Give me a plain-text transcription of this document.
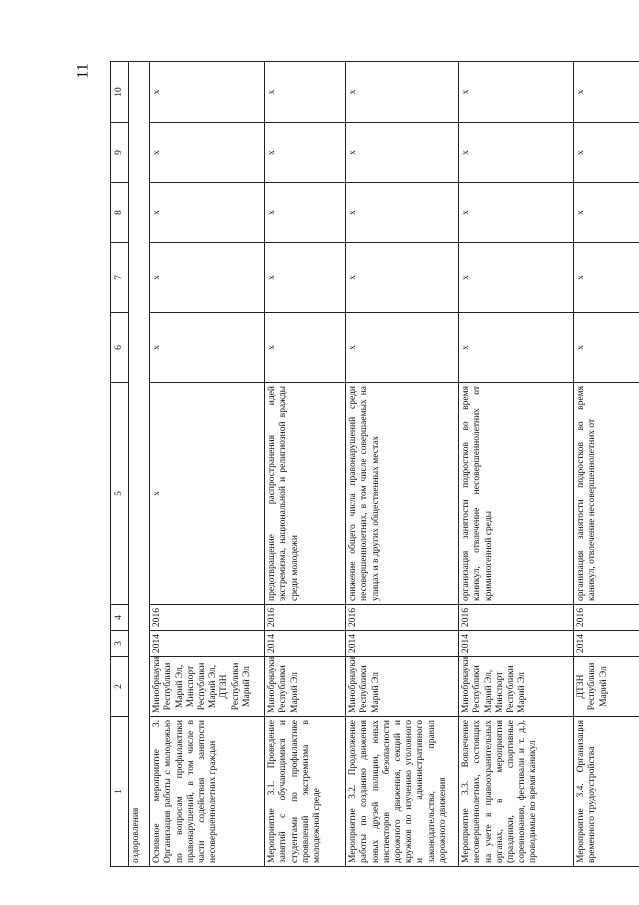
11
1	2	3	4	5	6	7	8	9	10
оздоровления									
Основное мероприятие 3. Организация работы с молодежью по вопросам профилактики правонарушений, в том числе в части содействия занятости несовершеннолетних граждан	Минобрнауки Республики Марий Эл, Минспорт Республики Марий Эл, ДТЗН Республики Марий Эл	2014	2016	х	х	х	х	х	х
Мероприятие 3.1. Проведение занятий с обучающимися и студентами по профилактике проявлений экстремизма в молодежной среде	Минобрнауки Республики Марий Эл	2014	2016	предотвращение распространения идей экстремизма, национальной и религиозной вражды среди молодежи	х	х	х	х	х
Мероприятие 3.2. Продолжение работы по созданию движения юных друзей полиции, юных инспекторов безопасности дорожного движения, секций и кружков по изучению уголовного и административного законодательства, правил дорожного движения	Минобрнауки Республики Марий Эл	2014	2016	снижение общего числа правонарушений среди несовершеннолетних, в том числе совершаемых на улицах и в других общественных местах	х	х	х	х	х
Мероприятие 3.3. Вовлечение несовершеннолетних, состоящих на учете в правоохранительных органах, в мероприятия (праздники, спортивные соревнования, фестивали и т. д.), проводимые во время каникул	Минобрнауки Республики Марий Эл, Минспорт Республики Марий Эл	2014	2016	организация занятости подростков во время каникул, отвлечение несовершеннолетних от криминогенной среды	х	х	х	х	х
Мероприятие 3.4. Организация временного трудоустройства	ДТЗН Республики Марий Эл	2014	2016	организация занятости подростков во время каникул, отвлечение несовершеннолетних от	х	х	х	х	х
